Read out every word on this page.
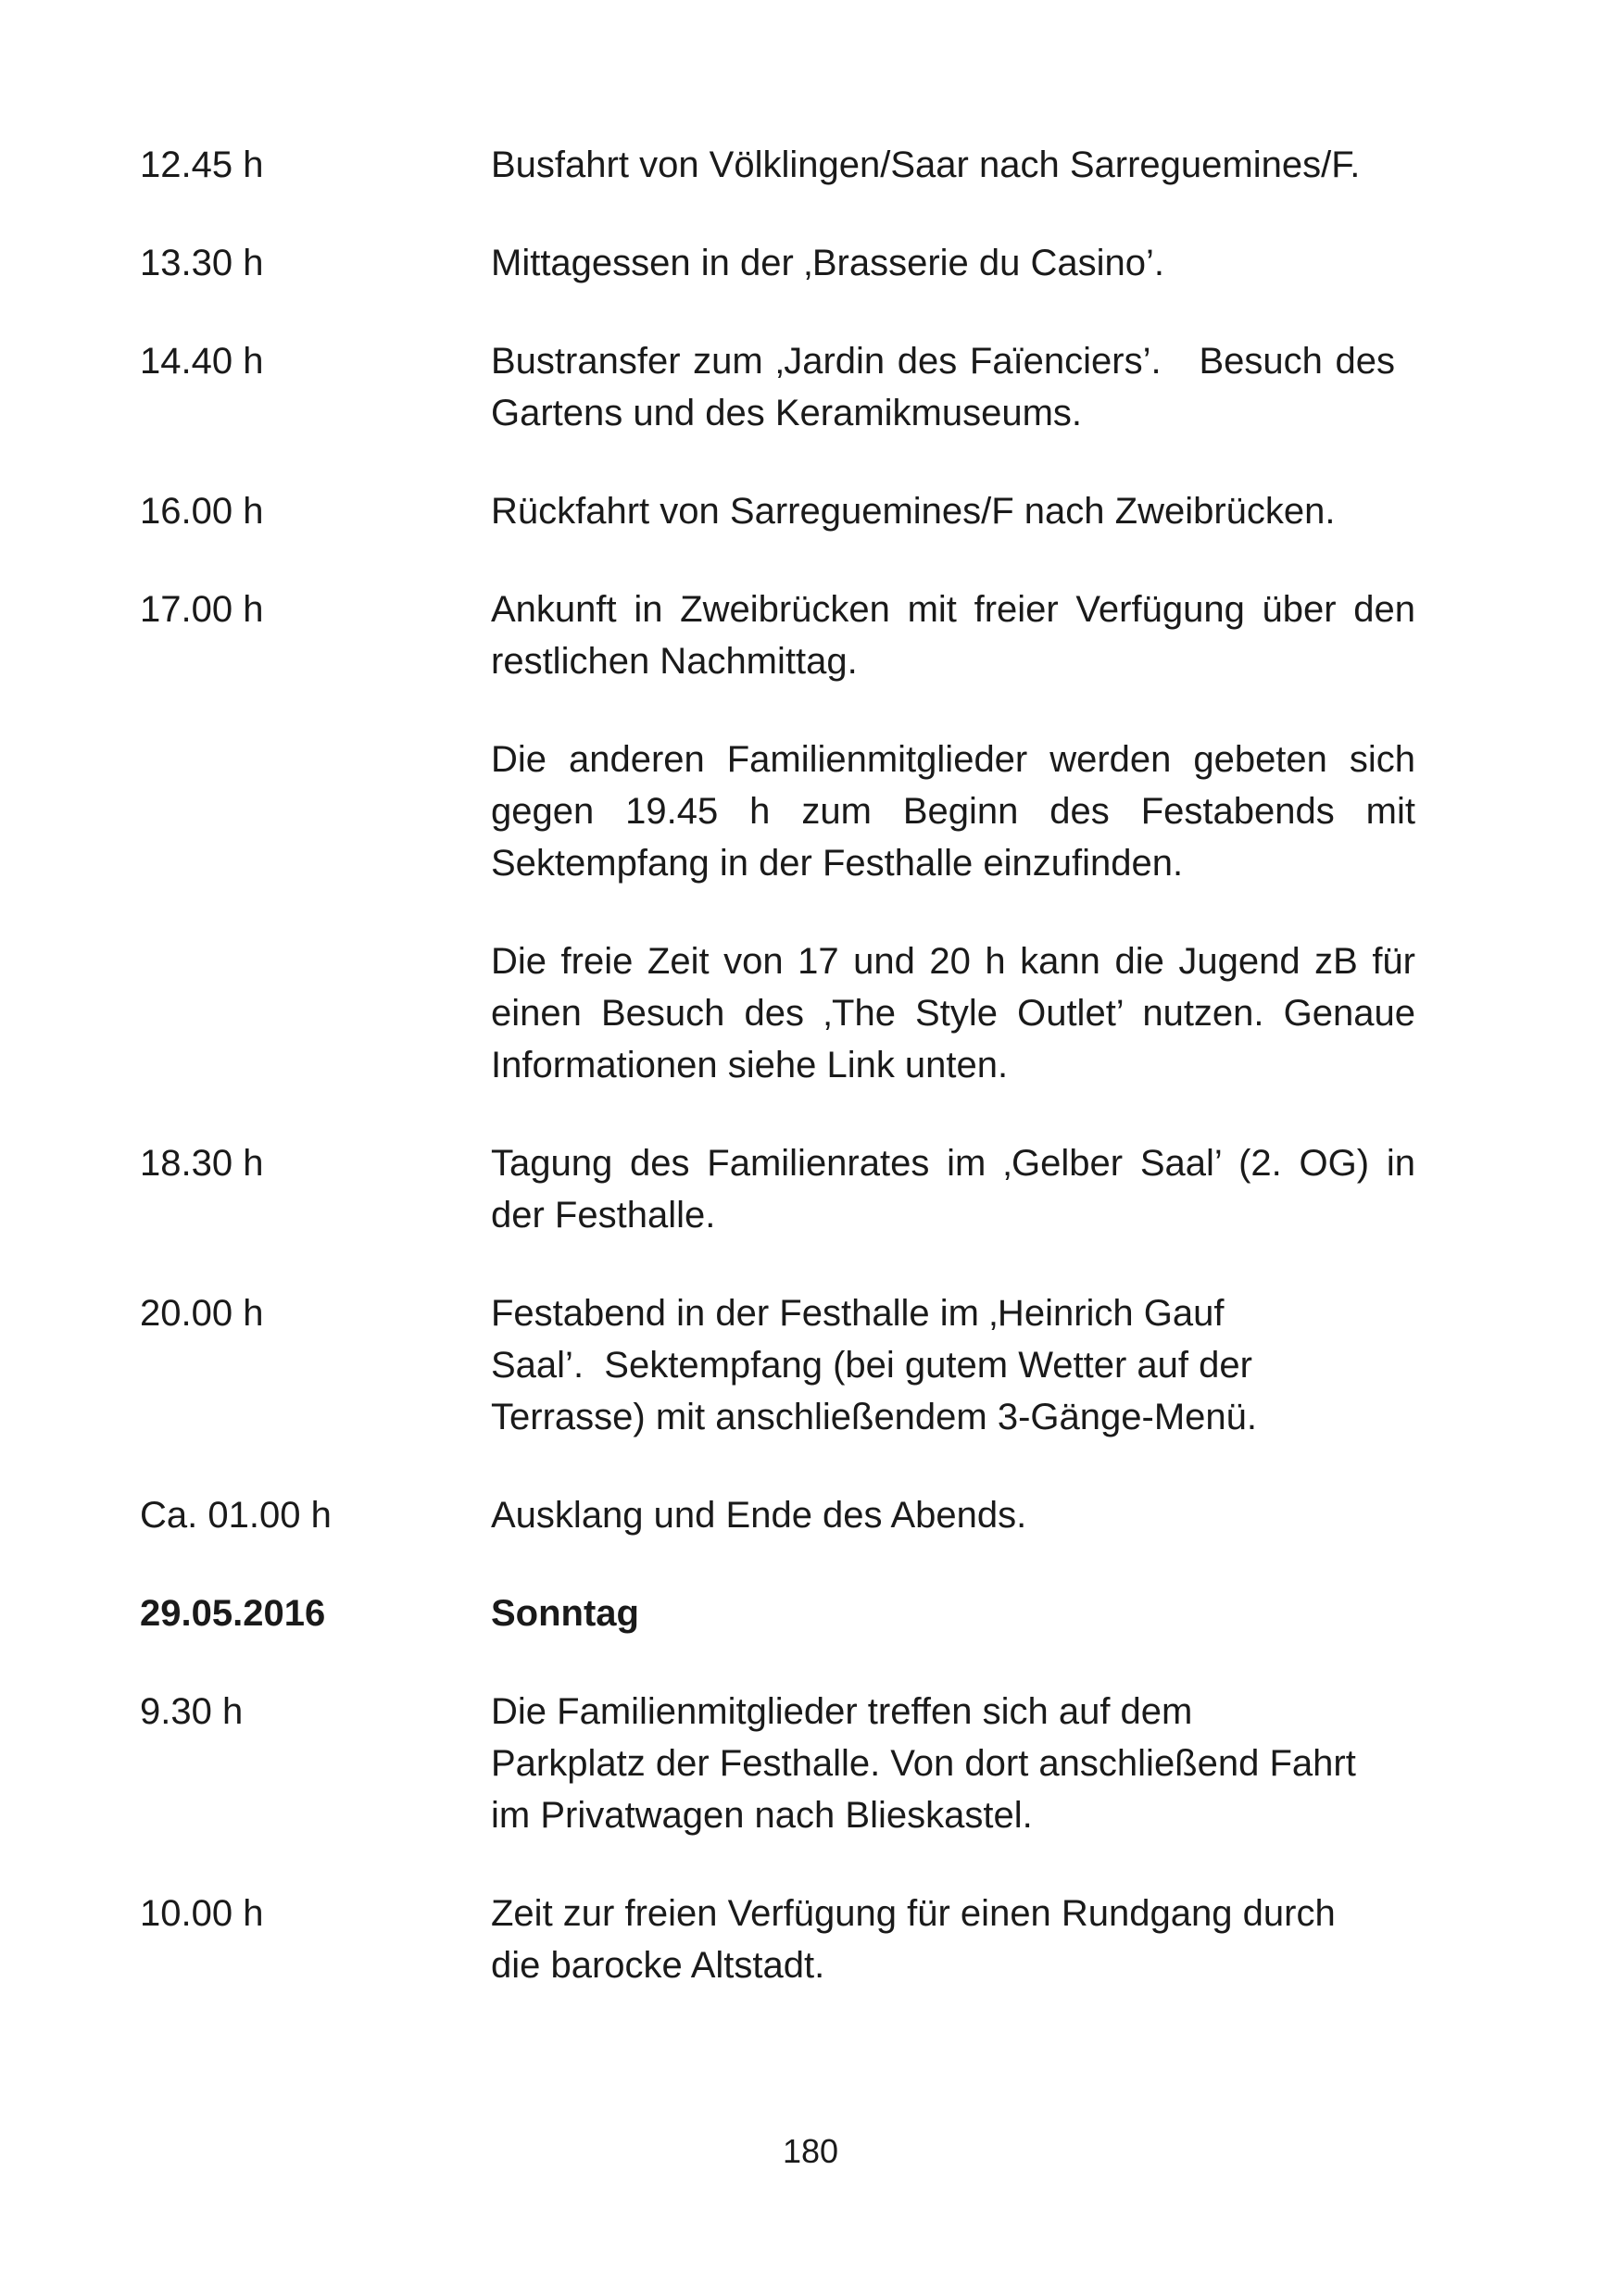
12.45 h	Busfahrt von Völklingen/Saar nach Sarreguemines/F.
13.30 h	Mittagessen in der ‚Brasserie du Casino’.
14.40 h	Bustransfer zum ‚Jardin des Faïenciers’.   Besuch des Gartens und des Keramikmuseums.
16.00 h	Rückfahrt von Sarreguemines/F nach Zweibrücken.
17.00 h	Ankunft in Zweibrücken mit freier Verfügung über den restlichen Nachmittag.
Die anderen Familienmitglieder werden gebeten sich gegen 19.45 h zum Beginn des Festabends mit Sektempfang in der Festhalle einzufinden.
Die freie Zeit von 17 und 20 h kann die Jugend zB für einen Besuch des ‚The Style Outlet’ nutzen. Genaue Informationen siehe Link unten.
18.30 h	Tagung des Familienrates im ‚Gelber Saal’ (2. OG) in der Festhalle.
20.00 h	Festabend in der Festhalle im ‚Heinrich Gauf

Saal’.  Sektempfang (bei gutem Wetter auf der

Terrasse) mit anschließendem 3-Gänge-Menü.

Ca. 01.00 h	Ausklang und Ende des Abends.
29.05.2016	Sonntag
9.30 h	Die Familienmitglieder treffen sich auf dem

Parkplatz der Festhalle. Von dort anschließend Fahrt

im Privatwagen nach Blieskastel.

10.00 h	Zeit zur freien Verfügung für einen Rundgang durch

die barocke Altstadt.

180
